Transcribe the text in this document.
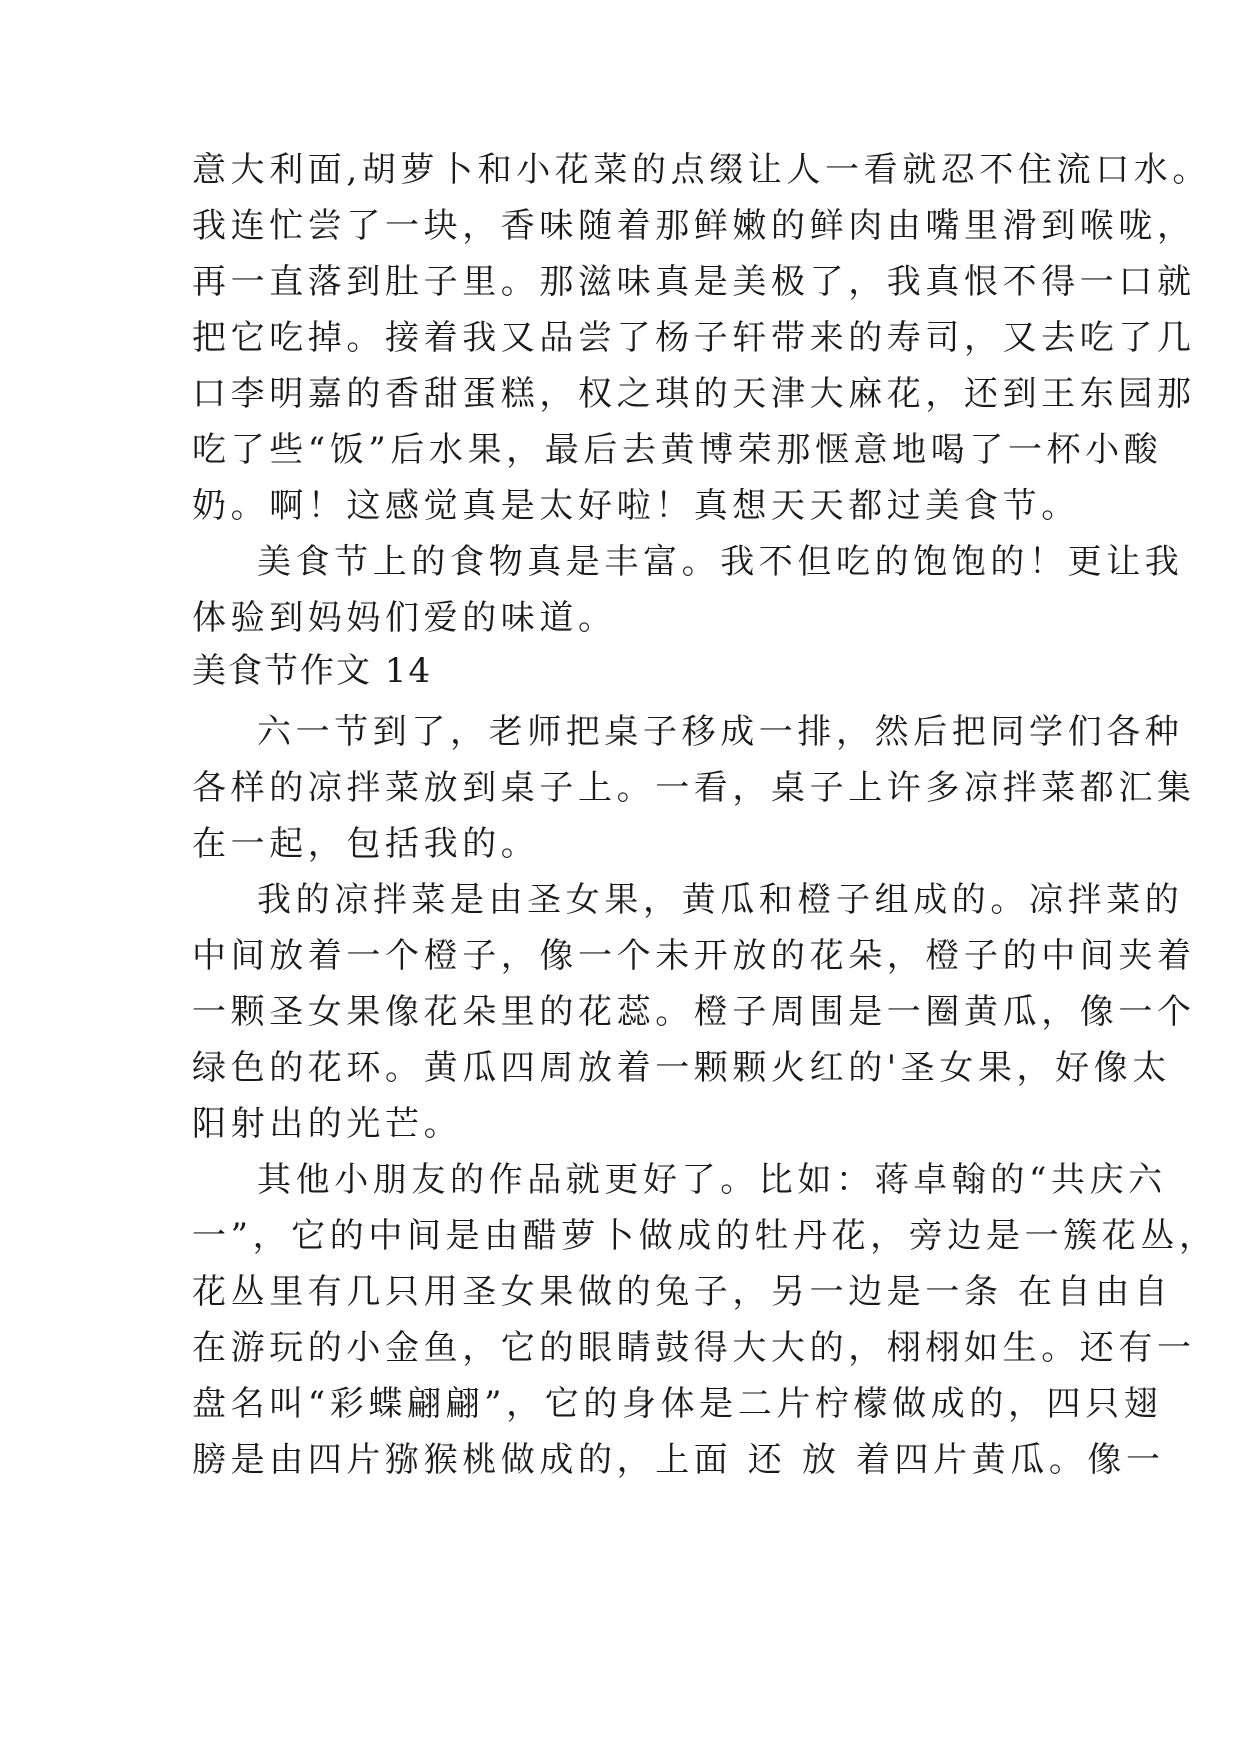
意大利面,胡萝卜和小花菜的点缀让人一看就忍不住流口水。
我连忙尝了一块，香味随着那鲜嫩的鲜肉由嘴里滑到喉咙，
再一直落到肚子里。那滋味真是美极了，我真恨不得一口就
把它吃掉。接着我又品尝了杨子轩带来的寿司，又去吃了几
口李明嘉的香甜蛋糕，权之琪的天津大麻花，还到王东园那
吃了些“饭”后水果，最后去黄博荣那惬意地喝了一杯小酸
奶。啊！这感觉真是太好啦！真想天天都过美食节。
美食节上的食物真是丰富。我不但吃的饱饱的！更让我
体验到妈妈们爱的味道。
美食节作文 14
六一节到了，老师把桌子移成一排，然后把同学们各种
各样的凉拌菜放到桌子上。一看，桌子上许多凉拌菜都汇集
在一起，包括我的。
我的凉拌菜是由圣女果，黄瓜和橙子组成的。凉拌菜的
中间放着一个橙子，像一个未开放的花朵，橙子的中间夹着
一颗圣女果像花朵里的花蕊。橙子周围是一圈黄瓜，像一个
绿色的花环。黄瓜四周放着一颗颗火红的'圣女果，好像太
阳射出的光芒。
其他小朋友的作品就更好了。比如：蒋卓翰的“共庆六
一”，它的中间是由醋萝卜做成的牡丹花，旁边是一簇花丛，
花丛里有几只用圣女果做的兔子，另一边是一条 在自由自
在游玩的小金鱼，它的眼睛鼓得大大的，栩栩如生。还有一
盘名叫“彩蝶翩翩”，它的身体是二片柠檬做成的，四只翅
膀是由四片猕猴桃做成的，上面 还 放 着四片黄瓜。像一
